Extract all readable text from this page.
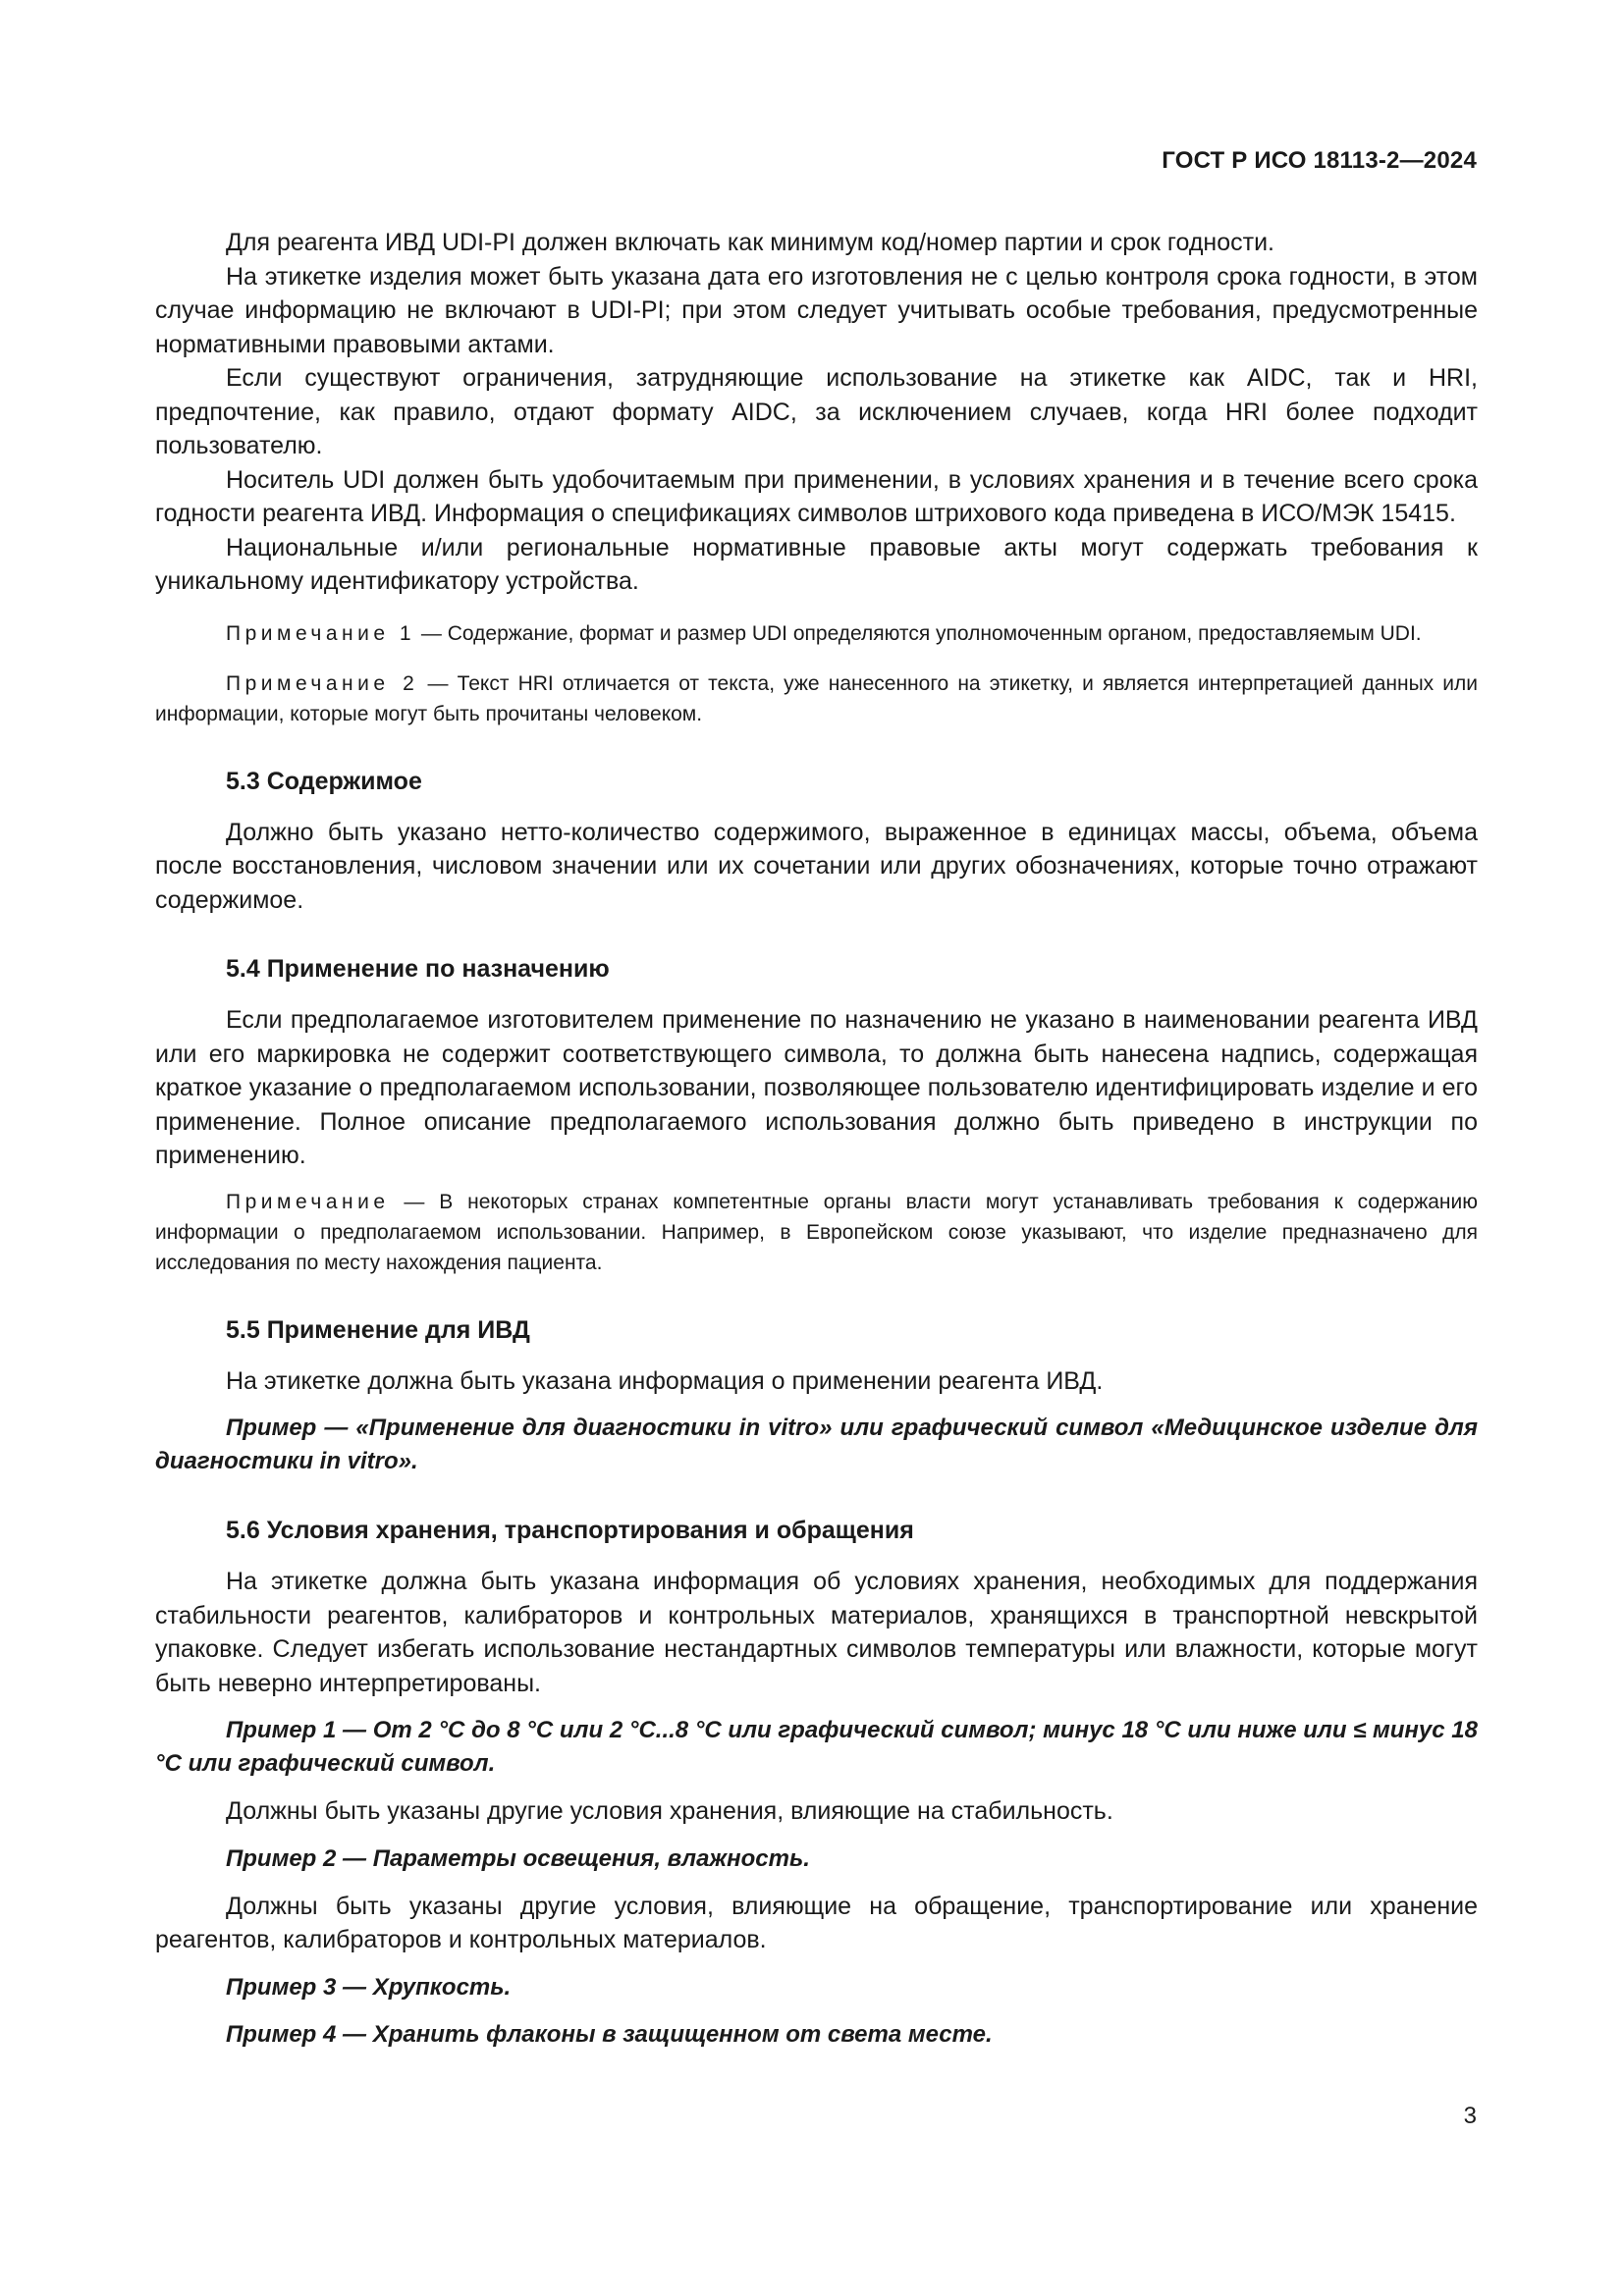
ГОСТ Р ИСО 18113-2—2024

Для реагента ИВД UDI-PI должен включать как минимум код/номер партии и срок годности.

На этикетке изделия может быть указана дата его изготовления не с целью контроля срока годности, в этом случае информацию не включают в UDI-PI; при этом следует учитывать особые требования, предусмотренные нормативными правовыми актами.

Если существуют ограничения, затрудняющие использование на этикетке как AIDC, так и HRI, предпочтение, как правило, отдают формату AIDC, за исключением случаев, когда HRI более подходит пользователю.

Носитель UDI должен быть удобочитаемым при применении, в условиях хранения и в течение всего срока годности реагента ИВД. Информация о спецификациях символов штрихового кода приведена в ИСО/МЭК 15415.

Национальные и/или региональные нормативные правовые акты могут содержать требования к уникальному идентификатору устройства.

Примечание 1 — Содержание, формат и размер UDI определяются уполномоченным органом, предоставляемым UDI.

Примечание 2 — Текст HRI отличается от текста, уже нанесенного на этикетку, и является интерпретацией данных или информации, которые могут быть прочитаны человеком.

5.3 Содержимое

Должно быть указано нетто-количество содержимого, выраженное в единицах массы, объема, объема после восстановления, числовом значении или их сочетании или других обозначениях, которые точно отражают содержимое.

5.4 Применение по назначению

Если предполагаемое изготовителем применение по назначению не указано в наименовании реагента ИВД или его маркировка не содержит соответствующего символа, то должна быть нанесена надпись, содержащая краткое указание о предполагаемом использовании, позволяющее пользователю идентифицировать изделие и его применение. Полное описание предполагаемого использования должно быть приведено в инструкции по применению.

Примечание — В некоторых странах компетентные органы власти могут устанавливать требования к содержанию информации о предполагаемом использовании. Например, в Европейском союзе указывают, что изделие предназначено для исследования по месту нахождения пациента.

5.5 Применение для ИВД

На этикетке должна быть указана информация о применении реагента ИВД.

Пример — «Применение для диагностики in vitro» или графический символ «Медицинское изделие для диагностики in vitro».

5.6 Условия хранения, транспортирования и обращения

На этикетке должна быть указана информация об условиях хранения, необходимых для поддержания стабильности реагентов, калибраторов и контрольных материалов, хранящихся в транспортной невскрытой упаковке. Следует избегать использование нестандартных символов температуры или влажности, которые могут быть неверно интерпретированы.

Пример 1 — От 2 °C до 8 °C или 2 °C...8 °C или графический символ; минус 18 °C или ниже или ≤ минус 18 °C или графический символ.

Должны быть указаны другие условия хранения, влияющие на стабильность.

Пример 2 — Параметры освещения, влажность.

Должны быть указаны другие условия, влияющие на обращение, транспортирование или хранение реагентов, калибраторов и контрольных материалов.

Пример 3 — Хрупкость.

Пример 4 — Хранить флаконы в защищенном от света месте.

3
